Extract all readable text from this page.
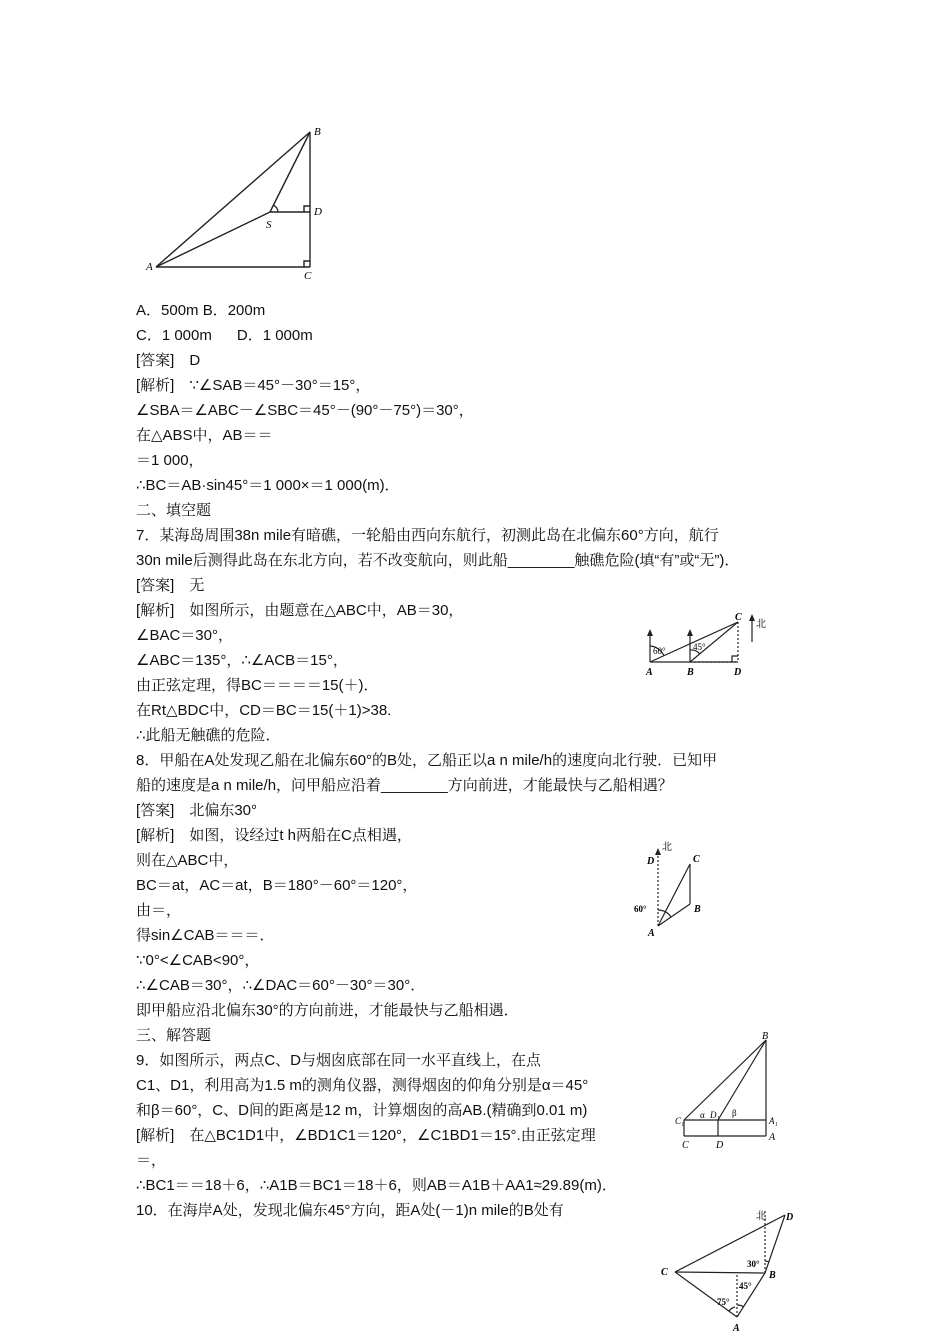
B
D
S
A
C
北
60°	45°
A	B	D
C
北
D	C
B
A
60°
B
α	β
C₁
D₁
A₁
C	D
A
北 D
C	B
A
30°
45°
75°
A．500m B．200m
C．1 000m      D．1 000m
[答案]　D
[解析]　∵∠SAB＝45°－30°＝15°，
∠SBA＝∠ABC－∠SBC＝45°－(90°－75°)＝30°，
在△ABS中，AB＝＝
＝1 000，
∴BC＝AB·sin45°＝1 000×＝1 000(m)．
二、填空题
7．某海岛周围38n mile有暗礁，一轮船由西向东航行，初测此岛在北偏东60°方向，航行
30n mile后测得此岛在东北方向，若不改变航向，则此船________触礁危险(填“有”或“无”)．
[答案]　无
[解析]　如图所示，由题意在△ABC中，AB＝30，
∠BAC＝30°，
∠ABC＝135°，∴∠ACB＝15°，
由正弦定理，得BC＝＝＝＝15(＋)．
在Rt△BDC中，CD＝BC＝15(＋1)>38.
∴此船无触礁的危险．
8．甲船在A处发现乙船在北偏东60°的B处，乙船正以a n mile/h的速度向北行驶．已知甲
船的速度是a n mile/h，问甲船应沿着________方向前进，才能最快与乙船相遇？
[答案]　北偏东30°
[解析]　如图，设经过t h两船在C点相遇，
则在△ABC中，
BC＝at，AC＝at，B＝180°－60°＝120°，
由＝，
得sin∠CAB＝＝＝．
∵0°<∠CAB<90°，
∴∠CAB＝30°，∴∠DAC＝60°－30°＝30°．
即甲船应沿北偏东30°的方向前进，才能最快与乙船相遇．
三、解答题
9．如图所示，两点C、D与烟囱底部在同一水平直线上，在点
C1、D1，利用高为1.5 m的测角仪器，测得烟囱的仰角分别是α＝45°
和β＝60°，C、D间的距离是12 m，计算烟囱的高AB.(精确到0.01 m)
[解析]　在△BC1D1中，∠BD1C1＝120°，∠C1BD1＝15°.由正弦定理
＝，
∴BC1＝＝18＋6，∴A1B＝BC1＝18＋6，则AB＝A1B＋AA1≈29.89(m)．
10．在海岸A处，发现北偏东45°方向，距A处(－1)n mile的B处有
